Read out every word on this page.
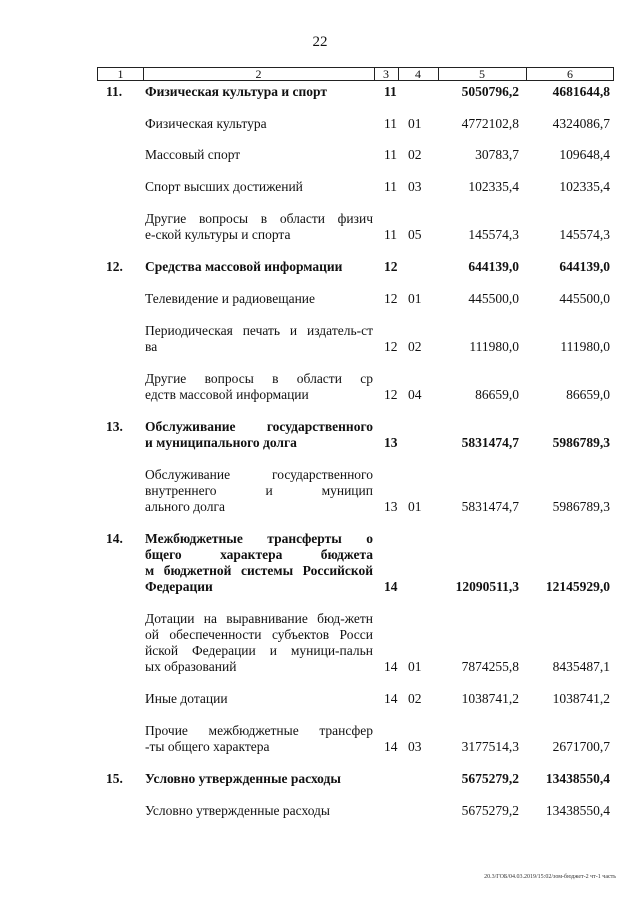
22
1	2	3	4	5	6
11. Физическая культура и спорт	11	5050796,2 4681644,8
Физическая культура	11 01	4772102,8 4324086,7
Массовый спорт	11 02	30783,7	109648,4
Спорт высших достижений	11 03	102335,4	102335,4
Другие вопросы в области физич
е-ской культуры и спорта	11 05	145574,3	145574,3
12. Средства массовой информации	12	644139,0	644139,0
Телевидение и радиовещание	12 01	445500,0	445500,0
Периодическая печать и издатель-ст
ва	12 02	111980,0	111980,0
Другие вопросы в области ср
едств массовой информации	12 04	86659,0	86659,0
13. Обслуживание государственного
и муниципального долга	13	5831474,7 5986789,3
Обслуживание государственного
внутреннего и муницип
ального долга	13 01	5831474,7 5986789,3
14. Межбюджетные трансферты о
бщего характера бюджета
м бюджетной системы Российской
Федерации	14	12090511,3 12145929,0
Дотации на выравнивание бюд-жетн
ой обеспеченности субъектов Росси
йской Федерации и муници-пальн
ых образований	14 01	7874255,8 8435487,1
Иные дотации	14 02	1038741,2 1038741,2
Прочие межбюджетные трансфер
-ты общего характера	14 03	3177514,3 2671700,7
15. Условно утвержденные расходы	5675279,2 13438550,4
Условно утвержденные расходы	5675279,2 13438550,4
20.3/ГОБ/04.03.2019/15:02/зом-бюджет-2 чт-1 часть
